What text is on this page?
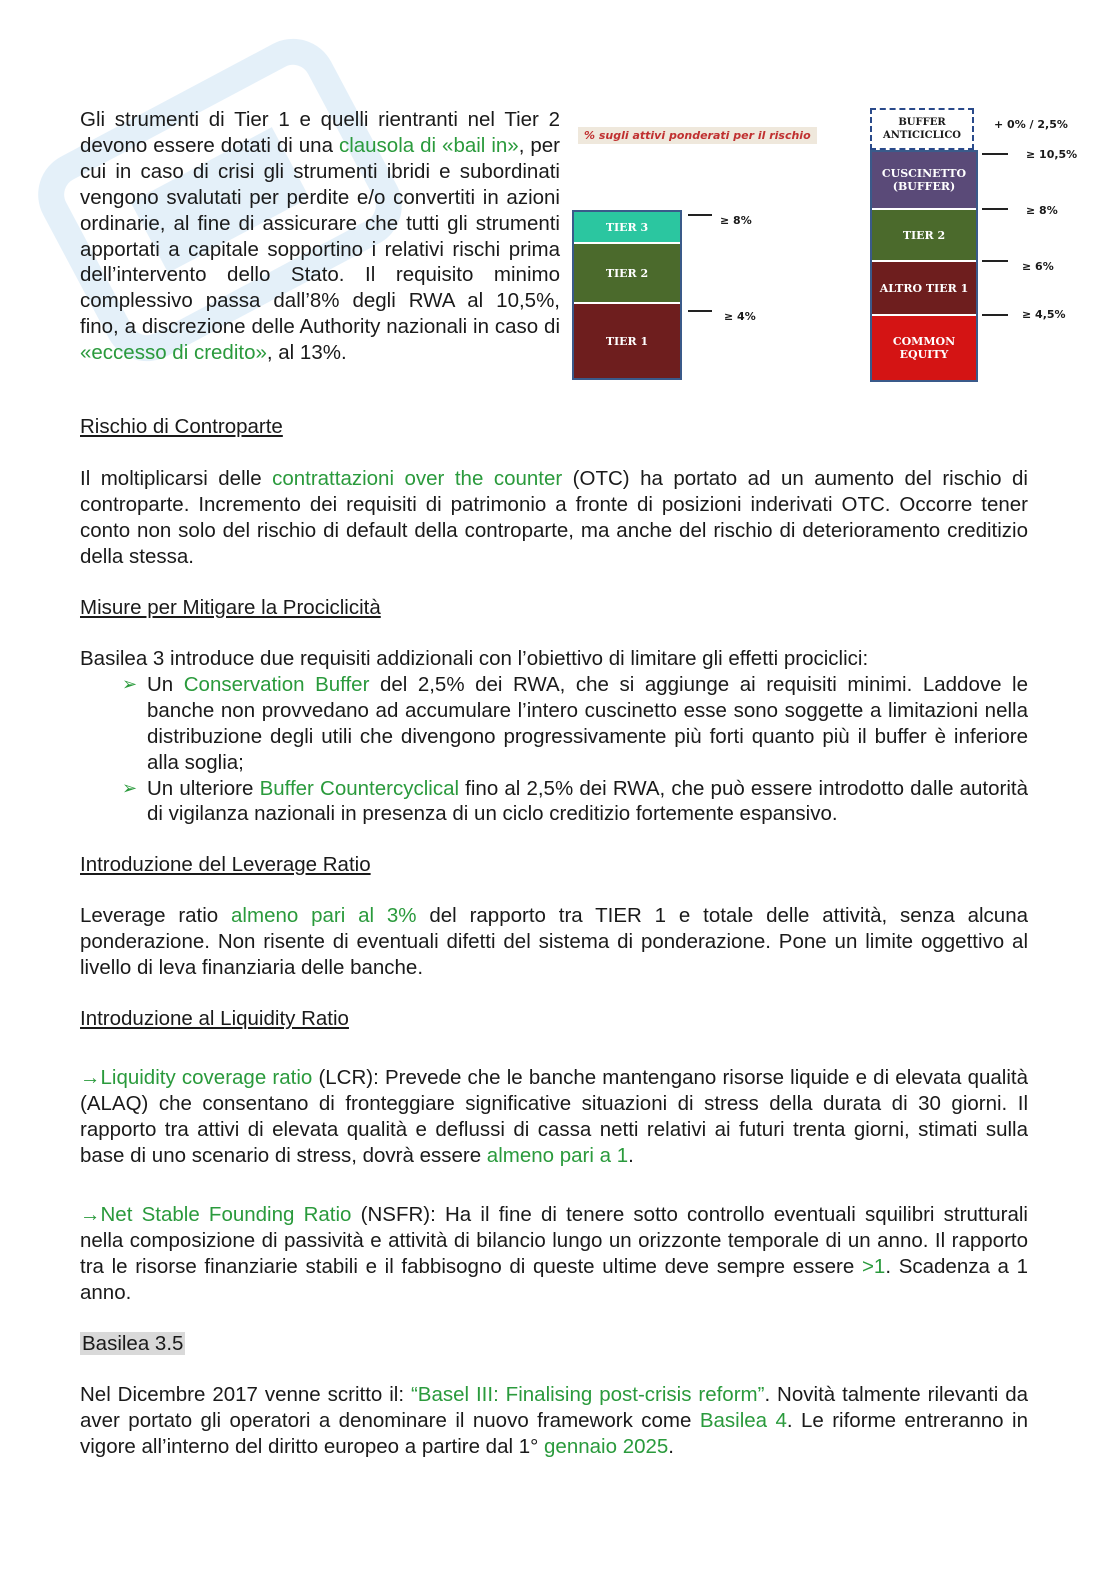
Gli strumenti di Tier 1 e quelli rientranti nel Tier 2 devono essere dotati di una clausola di «bail in», per cui in caso di crisi gli strumenti ibridi e subordinati vengono svalutati per perdite e/o convertiti in azioni ordinarie, al fine di assicurare che tutti gli strumenti apportati a capitale sopportino i relativi rischi prima dell’intervento dello Stato. Il requisito minimo complessivo passa dall’8% degli RWA al 10,5%, fino, a discrezione delle Authority nazionali in caso di «eccesso di credito», al 13%.
% sugli attivi ponderati per il rischio
TIER 3
TIER 2
TIER 1
≥ 8%
≥ 4%
BUFFER ANTICICLICO
CUSCINETTO (BUFFER)
TIER 2
ALTRO TIER 1
COMMON EQUITY
+ 0% / 2,5%
≥ 10,5%
≥ 8%
≥ 6%
≥ 4,5%
Rischio di Controparte
Il moltiplicarsi delle contrattazioni over the counter (OTC) ha portato ad un aumento del rischio di controparte. Incremento dei requisiti di patrimonio a fronte di posizioni inderivati OTC. Occorre tener conto non solo del rischio di default della controparte, ma anche del rischio di deterioramento creditizio della stessa.
Misure per Mitigare la Prociclicità
Basilea 3 introduce due requisiti addizionali con l’obiettivo di limitare gli effetti prociclici:
➢ Un Conservation Buffer del 2,5% dei RWA, che si aggiunge ai requisiti minimi. Laddove le banche non provvedano ad accumulare l’intero cuscinetto esse sono soggette a limitazioni nella distribuzione degli utili che divengono progressivamente più forti quanto più il buffer è inferiore alla soglia;
➢ Un ulteriore Buffer Countercyclical fino al 2,5% dei RWA, che può essere introdotto dalle autorità di vigilanza nazionali in presenza di un ciclo creditizio fortemente espansivo.
Introduzione del Leverage Ratio
Leverage ratio almeno pari al 3% del rapporto tra TIER 1 e totale delle attività, senza alcuna ponderazione. Non risente di eventuali difetti del sistema di ponderazione. Pone un limite oggettivo al livello di leva finanziaria delle banche.
Introduzione al Liquidity Ratio
→Liquidity coverage ratio (LCR): Prevede che le banche mantengano risorse liquide e di elevata qualità (ALAQ) che consentano di fronteggiare significative situazioni di stress della durata di 30 giorni. Il rapporto tra attivi di elevata qualità e deflussi di cassa netti relativi ai futuri trenta giorni, stimati sulla base di uno scenario di stress, dovrà essere almeno pari a 1.
→Net Stable Founding Ratio (NSFR): Ha il fine di tenere sotto controllo eventuali squilibri strutturali nella composizione di passività e attività di bilancio lungo un orizzonte temporale di un anno. Il rapporto tra le risorse finanziarie stabili e il fabbisogno di queste ultime deve sempre essere >1. Scadenza a 1 anno.
Basilea 3.5
Nel Dicembre 2017 venne scritto il: “Basel III: Finalising post-crisis reform”. Novità talmente rilevanti da aver portato gli operatori a denominare il nuovo framework come Basilea 4. Le riforme entreranno in vigore all’interno del diritto europeo a partire dal 1° gennaio 2025.
